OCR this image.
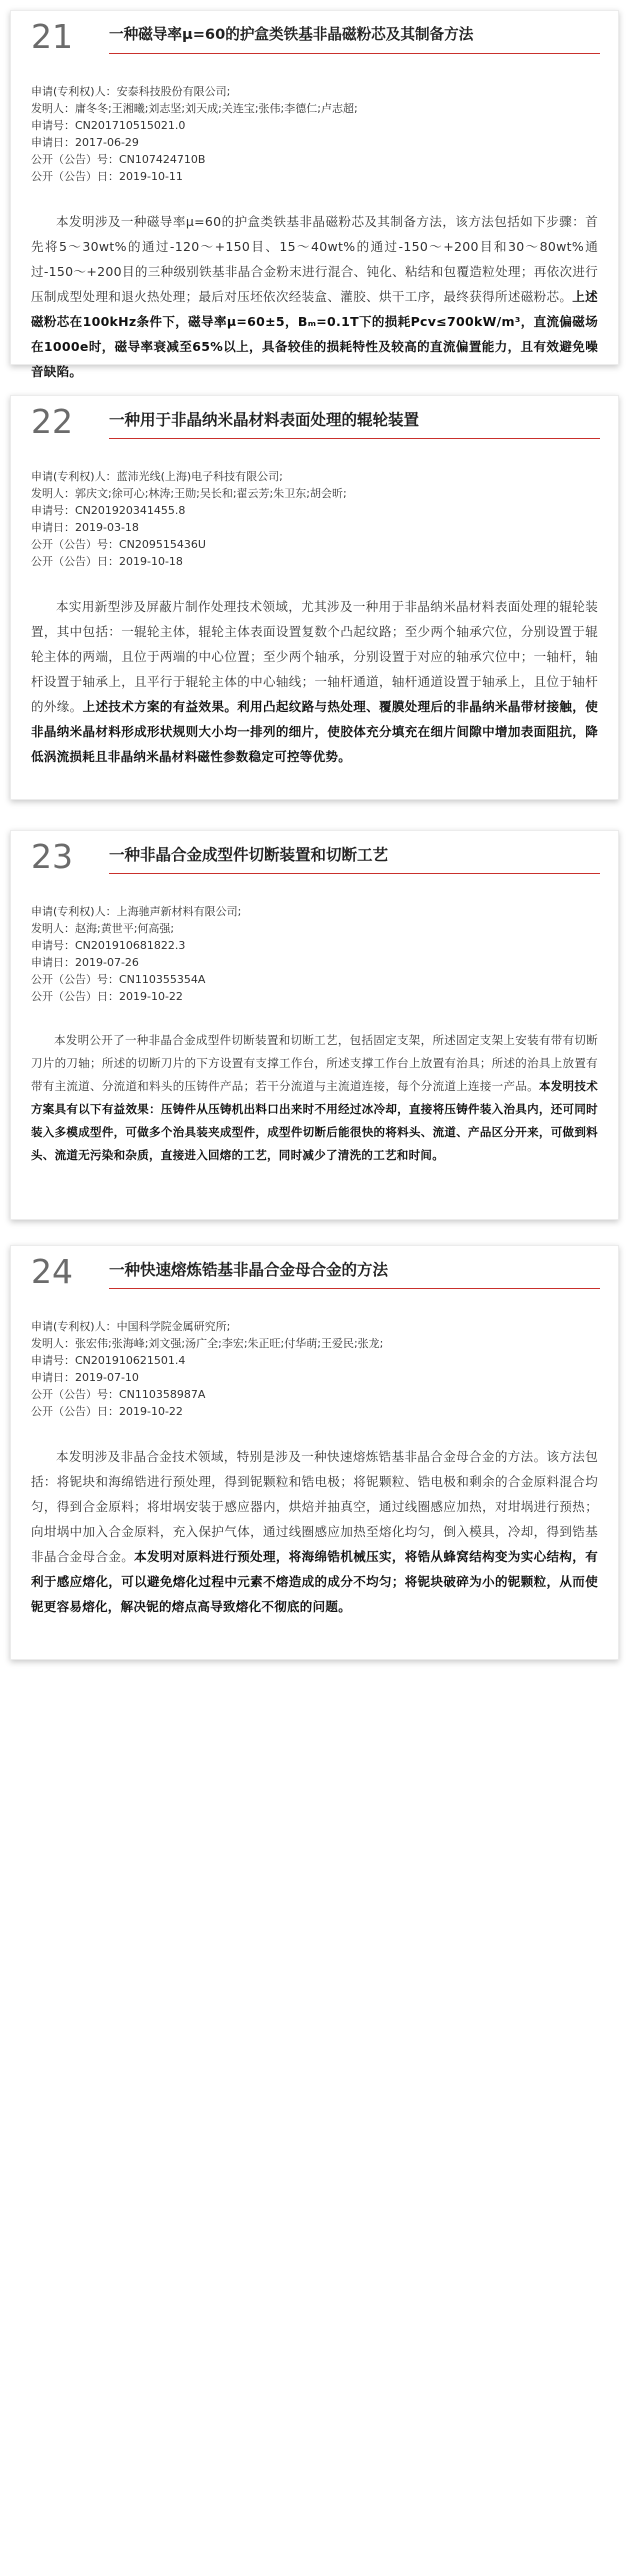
21 一种磁导率μ=60的护盒类铁基非晶磁粉芯及其制备方法
申请(专利权)人：安泰科技股份有限公司;
发明人：庸冬冬;王湘曦;刘志坚;刘天成;关连宝;张伟;李德仁;卢志超;
申请号：CN201710515021.0
申请日：2017-06-29
公开（公告）号：CN107424710B
公开（公告）日：2019-10-11

本发明涉及一种磁导率μ=60的护盒类铁基非晶磁粉芯及其制备方法，该方法包括如下步骤：首先将5～30wt%的通过-120～+150目、15～40wt%的通过-150～+200目和30～80wt%通过-150～+200目的三种级别铁基非晶合金粉末进行混合、钝化、粘结和包覆造粒处理；再依次进行压制成型处理和退火热处理；最后对压坯依次经装盒、灌胶、烘干工序，最终获得所述磁粉芯。上述磁粉芯在100kHz条件下，磁导率μ=60±5，Bₘ=0.1T下的损耗Pcv≤700kW/m³，直流偏磁场在1000e时，磁导率衰减至65%以上，具备较佳的损耗特性及较高的直流偏置能力，且有效避免噪音缺陷。

22 一种用于非晶纳米晶材料表面处理的辊轮装置
申请(专利权)人：蓝沛光线(上海)电子科技有限公司;
发明人：郭庆文;徐可心;林涛;王勋;吴长和;翟云芳;朱卫东;胡会昕;
申请号：CN201920341455.8
申请日：2019-03-18
公开（公告）号：CN209515436U
公开（公告）日：2019-10-18

本实用新型涉及屏蔽片制作处理技术领域，尤其涉及一种用于非晶纳米晶材料表面处理的辊轮装置，其中包括：一辊轮主体，辊轮主体表面设置复数个凸起纹路；至少两个轴承穴位，分别设置于辊轮主体的两端，且位于两端的中心位置；至少两个轴承，分别设置于对应的轴承穴位中；一轴杆，轴杆设置于轴承上，且平行于辊轮主体的中心轴线；一轴杆通道，轴杆通道设置于轴承上，且位于轴杆的外缘。上述技术方案的有益效果。利用凸起纹路与热处理、覆膜处理后的非晶纳米晶带材接触，使非晶纳米晶材料形成形状规则大小均一排列的细片，使胶体充分填充在细片间隙中增加表面阻抗，降低涡流损耗且非晶纳米晶材料磁性参数稳定可控等优势。

23 一种非晶合金成型件切断装置和切断工艺
申请(专利权)人：上海驰声新材料有限公司;
发明人：赵海;黄世平;何高强;
申请号：CN201910681822.3
申请日：2019-07-26
公开（公告）号：CN110355354A
公开（公告）日：2019-10-22

本发明公开了一种非晶合金成型件切断装置和切断工艺，包括固定支架，所述固定支架上安装有带有切断刀片的刀轴；所述的切断刀片的下方设置有支撑工作台，所述支撑工作台上放置有治具；所述的治具上放置有带有主流道、分流道和料头的压铸件产品；若干分流道与主流道连接，每个分流道上连接一产品。本发明技术方案具有以下有益效果：压铸件从压铸机出料口出来时不用经过冰冷却，直接将压铸件装入治具内，还可同时装入多模成型件，可做多个治具装夹成型件，成型件切断后能很快的将料头、流道、产品区分开来，可做到料头、流道无污染和杂质，直接进入回熔的工艺，同时减少了清洗的工艺和时间。

24 一种快速熔炼锆基非晶合金母合金的方法
申请(专利权)人：中国科学院金属研究所;
发明人：张宏伟;张海峰;刘文强;汤广全;李宏;朱正旺;付华萌;王爱民;张龙;
申请号：CN201910621501.4
申请日：2019-07-10
公开（公告）号：CN110358987A
公开（公告）日：2019-10-22

本发明涉及非晶合金技术领域，特别是涉及一种快速熔炼锆基非晶合金母合金的方法。该方法包括：将铌块和海绵锆进行预处理，得到铌颗粒和锆电极；将铌颗粒、锆电极和剩余的合金原料混合均匀，得到合金原料；将坩埚安装于感应器内，烘焙并抽真空，通过线圈感应加热，对坩埚进行预热；向坩埚中加入合金原料，充入保护气体，通过线圈感应加热至熔化均匀，倒入模具，冷却，得到锆基非晶合金母合金。本发明对原料进行预处理，将海绵锆机械压实，将锆从蜂窝结构变为实心结构，有利于感应熔化，可以避免熔化过程中元素不熔造成的成分不均匀；将铌块破碎为小的铌颗粒，从而使铌更容易熔化，解决铌的熔点高导致熔化不彻底的问题。
